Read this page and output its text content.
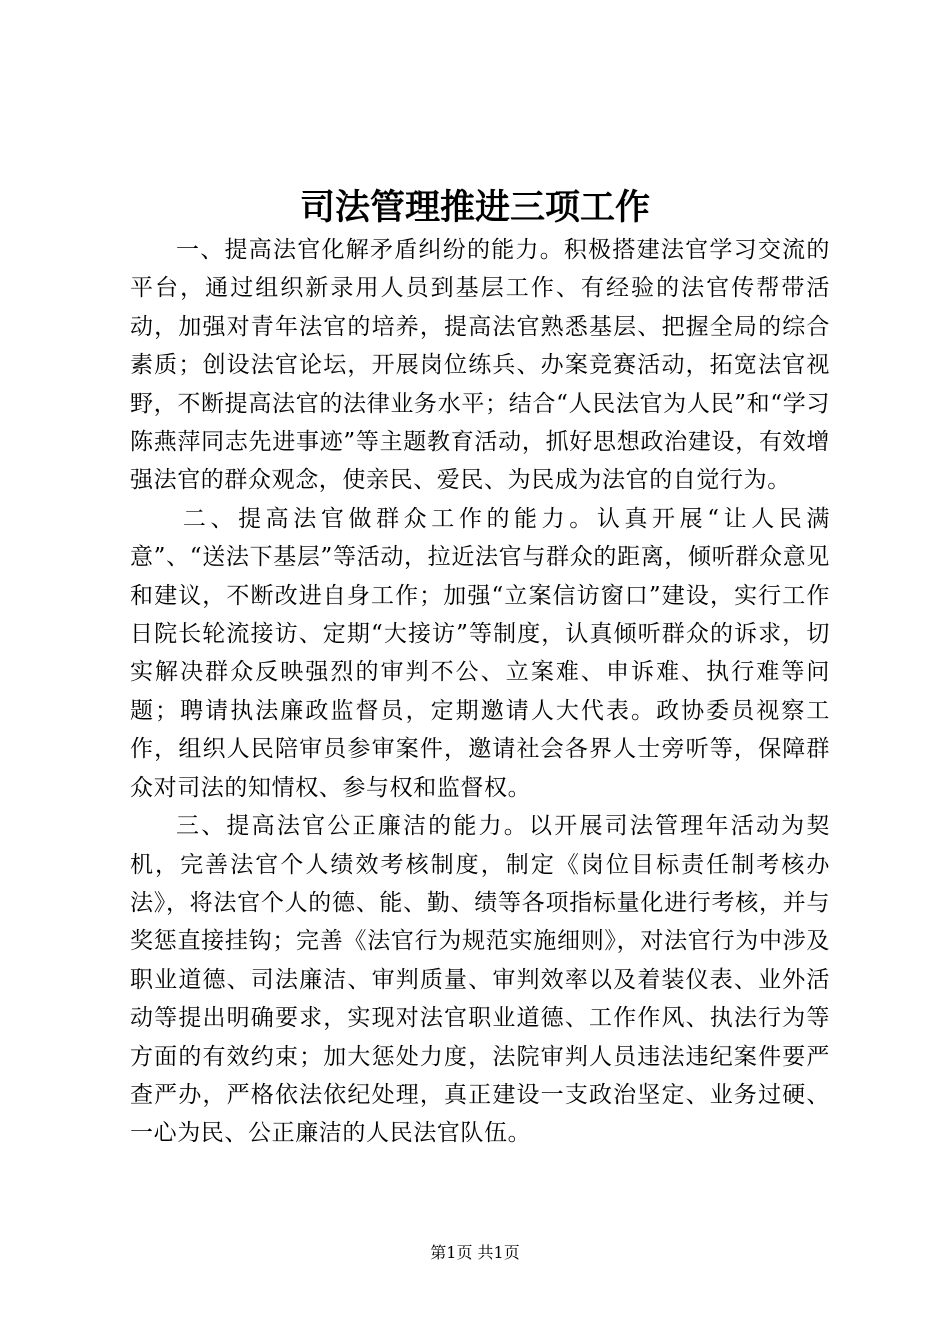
司法管理推进三项工作

一、提高法官化解矛盾纠纷的能力。积极搭建法官学习交流的平台，通过组织新录用人员到基层工作、有经验的法官传帮带活动，加强对青年法官的培养，提高法官熟悉基层、把握全局的综合素质；创设法官论坛，开展岗位练兵、办案竞赛活动，拓宽法官视野，不断提高法官的法律业务水平；结合“人民法官为人民”和“学习陈燕萍同志先进事迹”等主题教育活动，抓好思想政治建设，有效增强法官的群众观念，使亲民、爱民、为民成为法官的自觉行为。

二、提高法官做群众工作的能力。认真开展“让人民满意”、“送法下基层”等活动，拉近法官与群众的距离，倾听群众意见和建议，不断改进自身工作；加强“立案信访窗口”建设，实行工作日院长轮流接访、定期“大接访”等制度，认真倾听群众的诉求，切实解决群众反映强烈的审判不公、立案难、申诉难、执行难等问题；聘请执法廉政监督员，定期邀请人大代表。政协委员视察工作，组织人民陪审员参审案件，邀请社会各界人士旁听等，保障群众对司法的知情权、参与权和监督权。

三、提高法官公正廉洁的能力。以开展司法管理年活动为契机，完善法官个人绩效考核制度，制定《岗位目标责任制考核办法》，将法官个人的德、能、勤、绩等各项指标量化进行考核，并与奖惩直接挂钩；完善《法官行为规范实施细则》，对法官行为中涉及职业道德、司法廉洁、审判质量、审判效率以及着装仪表、业外活动等提出明确要求，实现对法官职业道德、工作作风、执法行为等方面的有效约束；加大惩处力度，法院审判人员违法违纪案件要严查严办，严格依法依纪处理，真正建设一支政治坚定、业务过硬、一心为民、公正廉洁的人民法官队伍。

第1页 共1页
